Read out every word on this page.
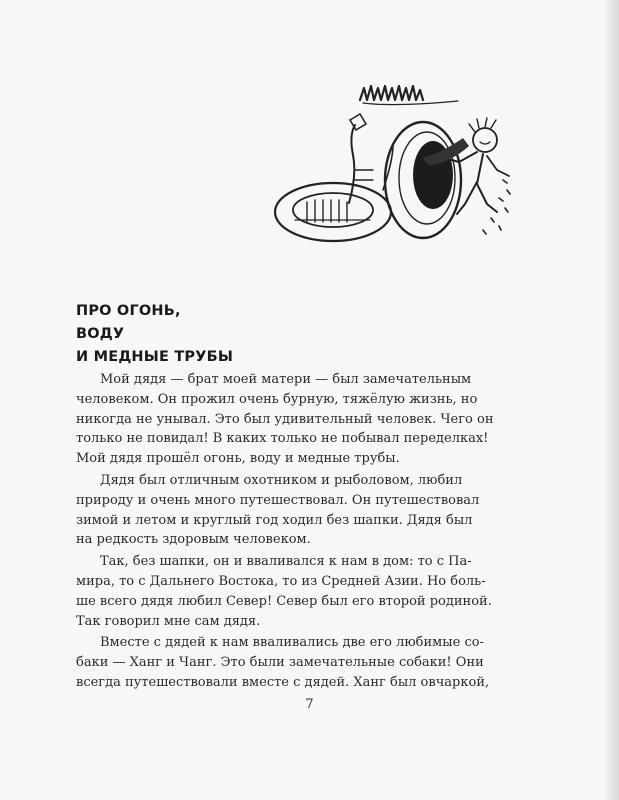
ПРО ОГОНЬ,
ВОДУ
И МЕДНЫЕ ТРУБЫ
Мой дядя — брат моей матери — был замечательным
человеком. Он прожил очень бурную, тяжёлую жизнь, но
никогда не унывал. Это был удивительный человек. Чего он
только не повидал! В каких только не побывал переделках!
Мой дядя прошёл огонь, воду и медные трубы.
Дядя был отличным охотником и рыболовом, любил
природу и очень много путешествовал. Он путешествовал
зимой и летом и круглый год ходил без шапки. Дядя был
на редкость здоровым человеком.
Так, без шапки, он и вваливался к нам в дом: то с Па-
мира, то с Дальнего Востока, то из Средней Азии. Но боль-
ше всего дядя любил Север! Север был его второй родиной.
Так говорил мне сам дядя.
Вместе с дядей к нам вваливались две его любимые со-
баки — Ханг и Чанг. Это были замечательные собаки! Они
всегда путешествовали вместе с дядей. Ханг был овчаркой,
7
